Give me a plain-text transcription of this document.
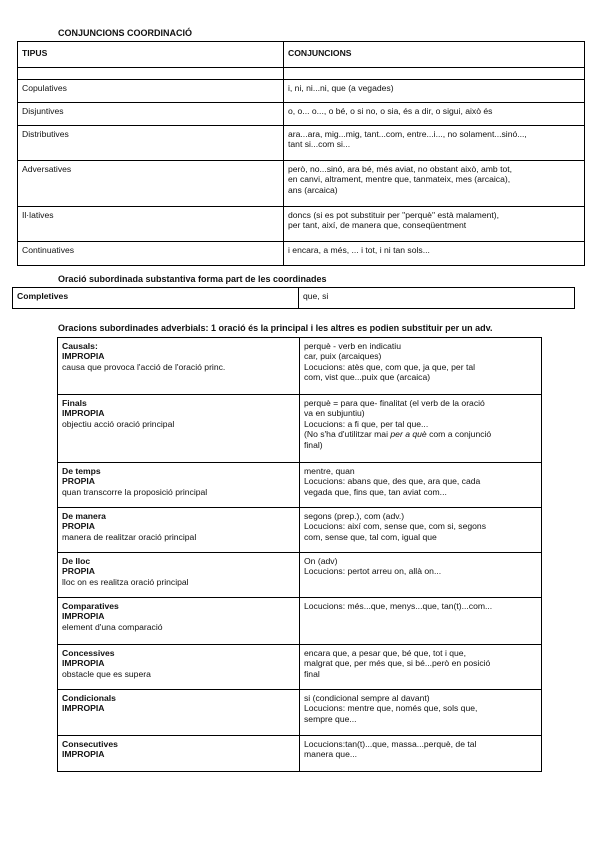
CONJUNCIONS COORDINACIÓ
TIPUS	CONJUNCIONS

Copulatives	i, ni, ni...ni, que (a vegades)

Disjuntives	o, o... o..., o bé, o si no, o sia, és a dir, o sigui, això és

Distributives	ara...ara, mig...mig, tant...com, entre...i..., no solament...sinó...,
tant si...com si...

Adversatives	però, no...sinó, ara bé, més aviat, no obstant això, amb tot,
en canvi, altrament, mentre que, tanmateix, mes (arcaica),
ans (arcaica)

Il·latives	doncs (si es pot substituir per "perquè" està malament),
per tant, així, de manera que, conseqüentment

Continuatives	i encara, a més, ... i tot, i ni tan sols...
Oració subordinada substantiva forma part de les coordinades
Completives	que, si
Oracions subordinades adverbials: 1 oració és la principal i les altres es podien substituir per un adv.
Causals:
IMPROPIA
causa que provoca l'acció de l'oració princ.	perquè - verb en indicatiu
car, puix (arcaiques)
Locucions: atès que, com que, ja que, per tal
com, vist que...puix que (arcaica)

Finals
IMPROPIA
objectiu acció oració principal	perquè = para que- finalitat (el verb de la oració
va en subjuntiu)
Locucions: a fi que, per tal que...
(No s'ha d'utilitzar mai per a què com a conjunció
final)

De temps
PROPIA
quan transcorre la proposició principal	mentre, quan
Locucions: abans que, des que, ara que, cada
vegada que, fins que, tan aviat com...

De manera
PROPIA
manera de realitzar oració principal	segons (prep.), com (adv.)
Locucions: així com, sense que, com si, segons
com, sense que, tal com, igual que

De lloc
PROPIA
lloc on es realitza oració principal	On (adv)
Locucions: pertot arreu on, allà on...

Comparatives
IMPROPIA
element d'una comparació	Locucions: més...que, menys...que, tan(t)...com...

Concessives
IMPROPIA
obstacle que es supera	encara que, a pesar que, bé que, tot i que,
malgrat que, per més que, si bé...però en posició
final

Condicionals
IMPROPIA	si (condicional sempre al davant)
Locucions: mentre que, només que, sols que,
sempre que...

Consecutives
IMPROPIA	Locucions:tan(t)...que, massa...perquè, de tal
manera que...
